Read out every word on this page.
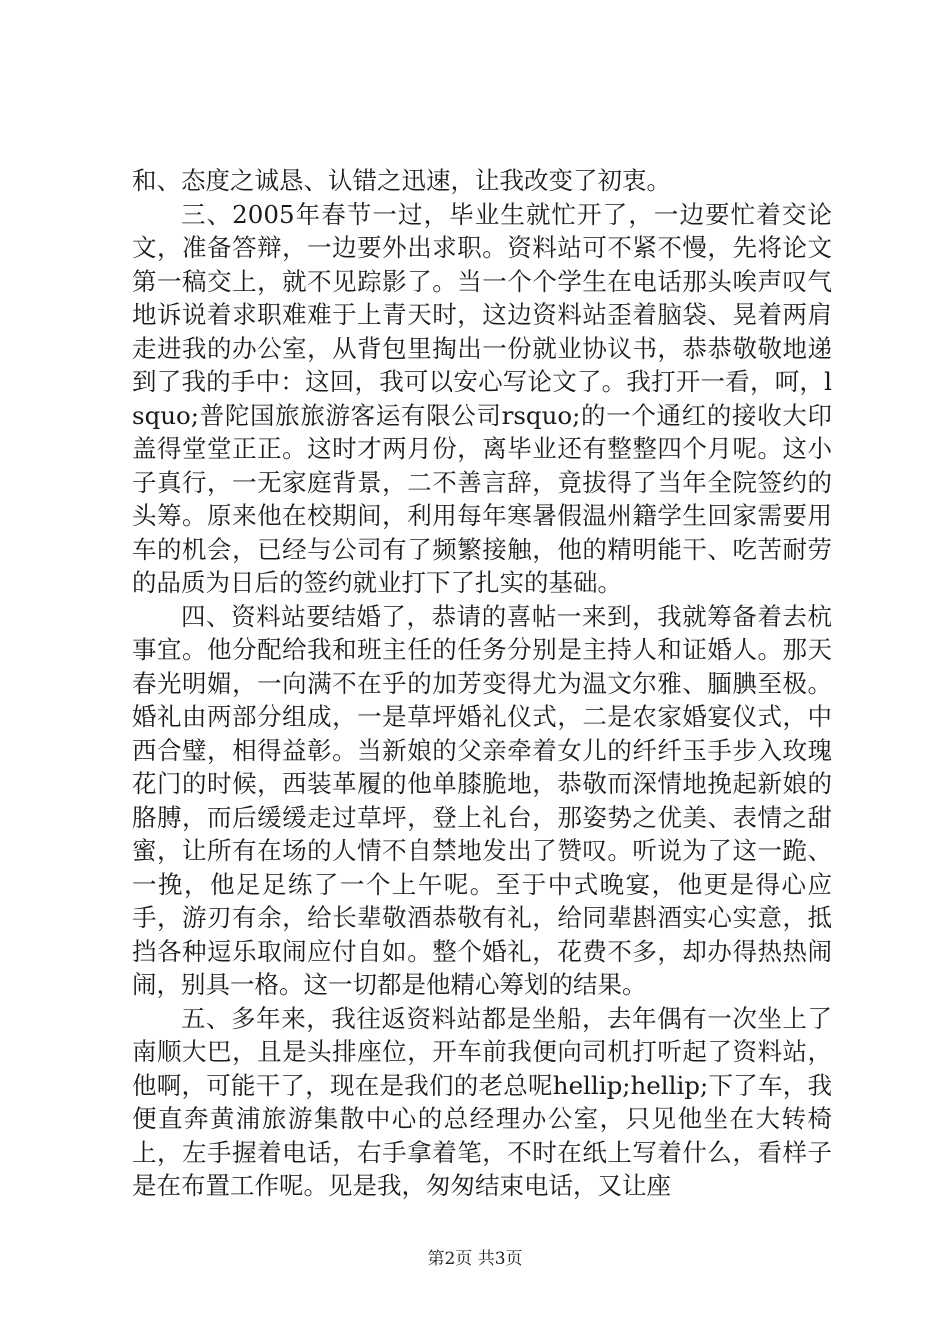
和、态度之诚恳、认错之迅速，让我改变了初衷。

三、2005年春节一过，毕业生就忙开了，一边要忙着交论文，准备答辩，一边要外出求职。资料站可不紧不慢，先将论文第一稿交上，就不见踪影了。当一个个学生在电话那头唉声叹气地诉说着求职难难于上青天时，这边资料站歪着脑袋、晃着两肩走进我的办公室，从背包里掏出一份就业协议书，恭恭敬敬地递到了我的手中：这回，我可以安心写论文了。我打开一看，呵，lsquo;普陀国旅旅游客运有限公司rsquo;的一个通红的接收大印盖得堂堂正正。这时才两月份，离毕业还有整整四个月呢。这小子真行，一无家庭背景，二不善言辞，竟拔得了当年全院签约的头筹。原来他在校期间，利用每年寒暑假温州籍学生回家需要用车的机会，已经与公司有了频繁接触，他的精明能干、吃苦耐劳的品质为日后的签约就业打下了扎实的基础。

四、资料站要结婚了，恭请的喜帖一来到，我就筹备着去杭事宜。他分配给我和班主任的任务分别是主持人和证婚人。那天春光明媚，一向满不在乎的加芳变得尤为温文尔雅、腼腆至极。婚礼由两部分组成，一是草坪婚礼仪式，二是农家婚宴仪式，中西合璧，相得益彰。当新娘的父亲牵着女儿的纤纤玉手步入玫瑰花门的时候，西装革履的他单膝脆地，恭敬而深情地挽起新娘的胳膊，而后缓缓走过草坪，登上礼台，那姿势之优美、表情之甜蜜，让所有在场的人情不自禁地发出了赞叹。听说为了这一跪、一挽，他足足练了一个上午呢。至于中式晚宴，他更是得心应手，游刃有余，给长辈敬酒恭敬有礼，给同辈斟酒实心实意，抵挡各种逗乐取闹应付自如。整个婚礼，花费不多，却办得热热闹闹，别具一格。这一切都是他精心筹划的结果。

五、多年来，我往返资料站都是坐船，去年偶有一次坐上了南顺大巴，且是头排座位，开车前我便向司机打听起了资料站，他啊，可能干了，现在是我们的老总呢hellip;hellip;下了车，我便直奔黄浦旅游集散中心的总经理办公室，只见他坐在大转椅上，左手握着电话，右手拿着笔，不时在纸上写着什么，看样子是在布置工作呢。见是我，匆匆结束电话，又让座

第2页 共3页
